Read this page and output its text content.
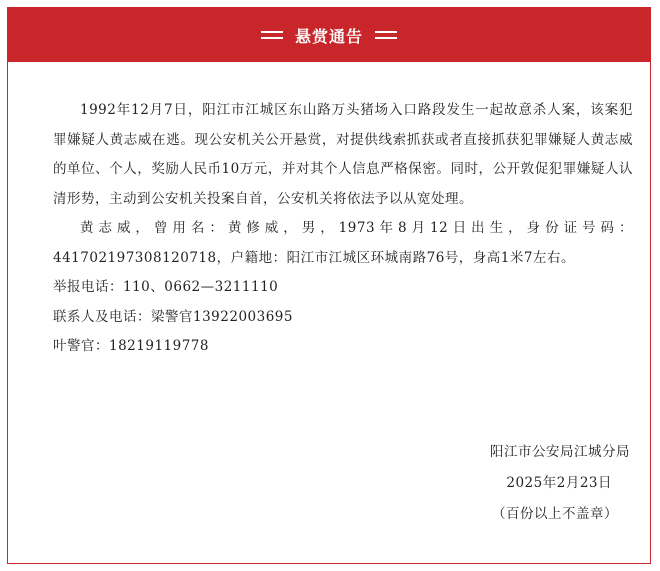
悬赏通告

1992年12月7日，阳江市江城区东山路万头猪场入口路段发生一起故意杀人案，该案犯罪嫌疑人黄志威在逃。现公安机关公开悬赏，对提供线索抓获或者直接抓获犯罪嫌疑人黄志威的单位、个人，奖励人民币10万元，并对其个人信息严格保密。同时，公开敦促犯罪嫌疑人认清形势，主动到公安机关投案自首，公安机关将依法予以从宽处理。

黄志威，曾用名：黄修威，男，1973年8月12日出生，身份证号码：441702197308120718，户籍地：阳江市江城区环城南路76号，身高1米7左右。

举报电话：110、0662—3211110

联系人及电话：梁警官13922003695

叶警官：18219119778

阳江市公安局江城分局
2025年2月23日
（百份以上不盖章）
